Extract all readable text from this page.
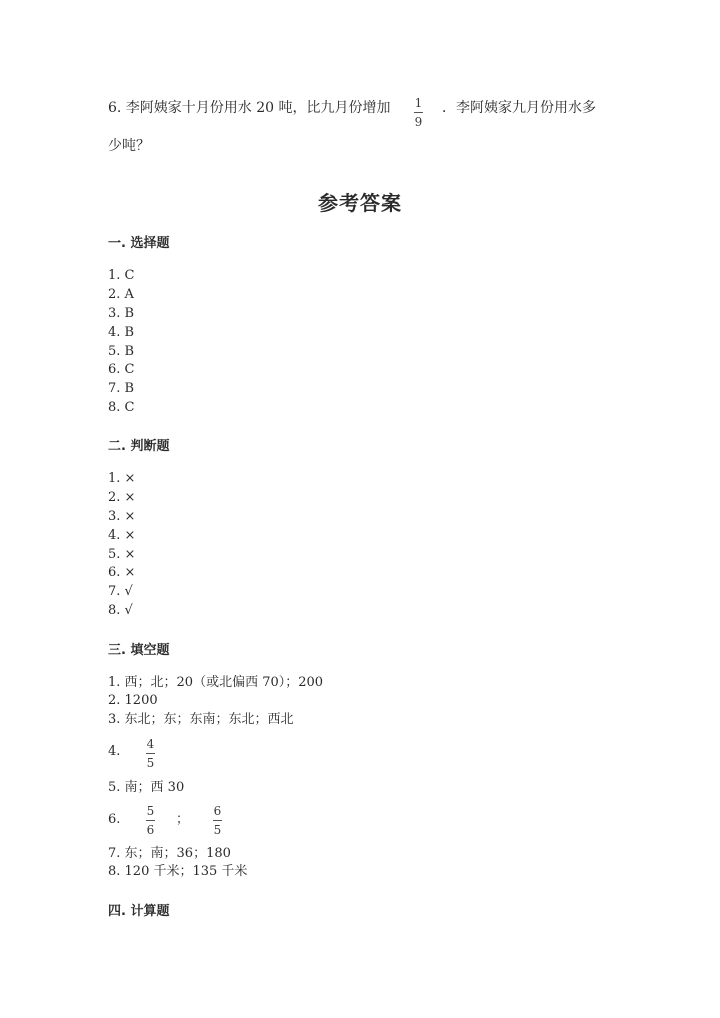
6. 李阿姨家十月份用水 20 吨，比九月份增加 1
9
．李阿姨家九月份用水多
少吨？
参考答案
一. 选择题
1. C
2. A
3. B
4. B
5. B
6. C
7. B
8. C
二. 判断题
1. ×
2. ×
3. ×
4. ×
5. ×
6. ×
7. √
8. √
三. 填空题
1. 西；北；20（或北偏西 70）；200
2. 1200
3. 东北；东；东南；东北；西北
4. 4
5
5. 南；西 30
6.
5
6
；
6
5
7. 东；南；36；180
8. 120 千米；135 千米
四. 计算题
